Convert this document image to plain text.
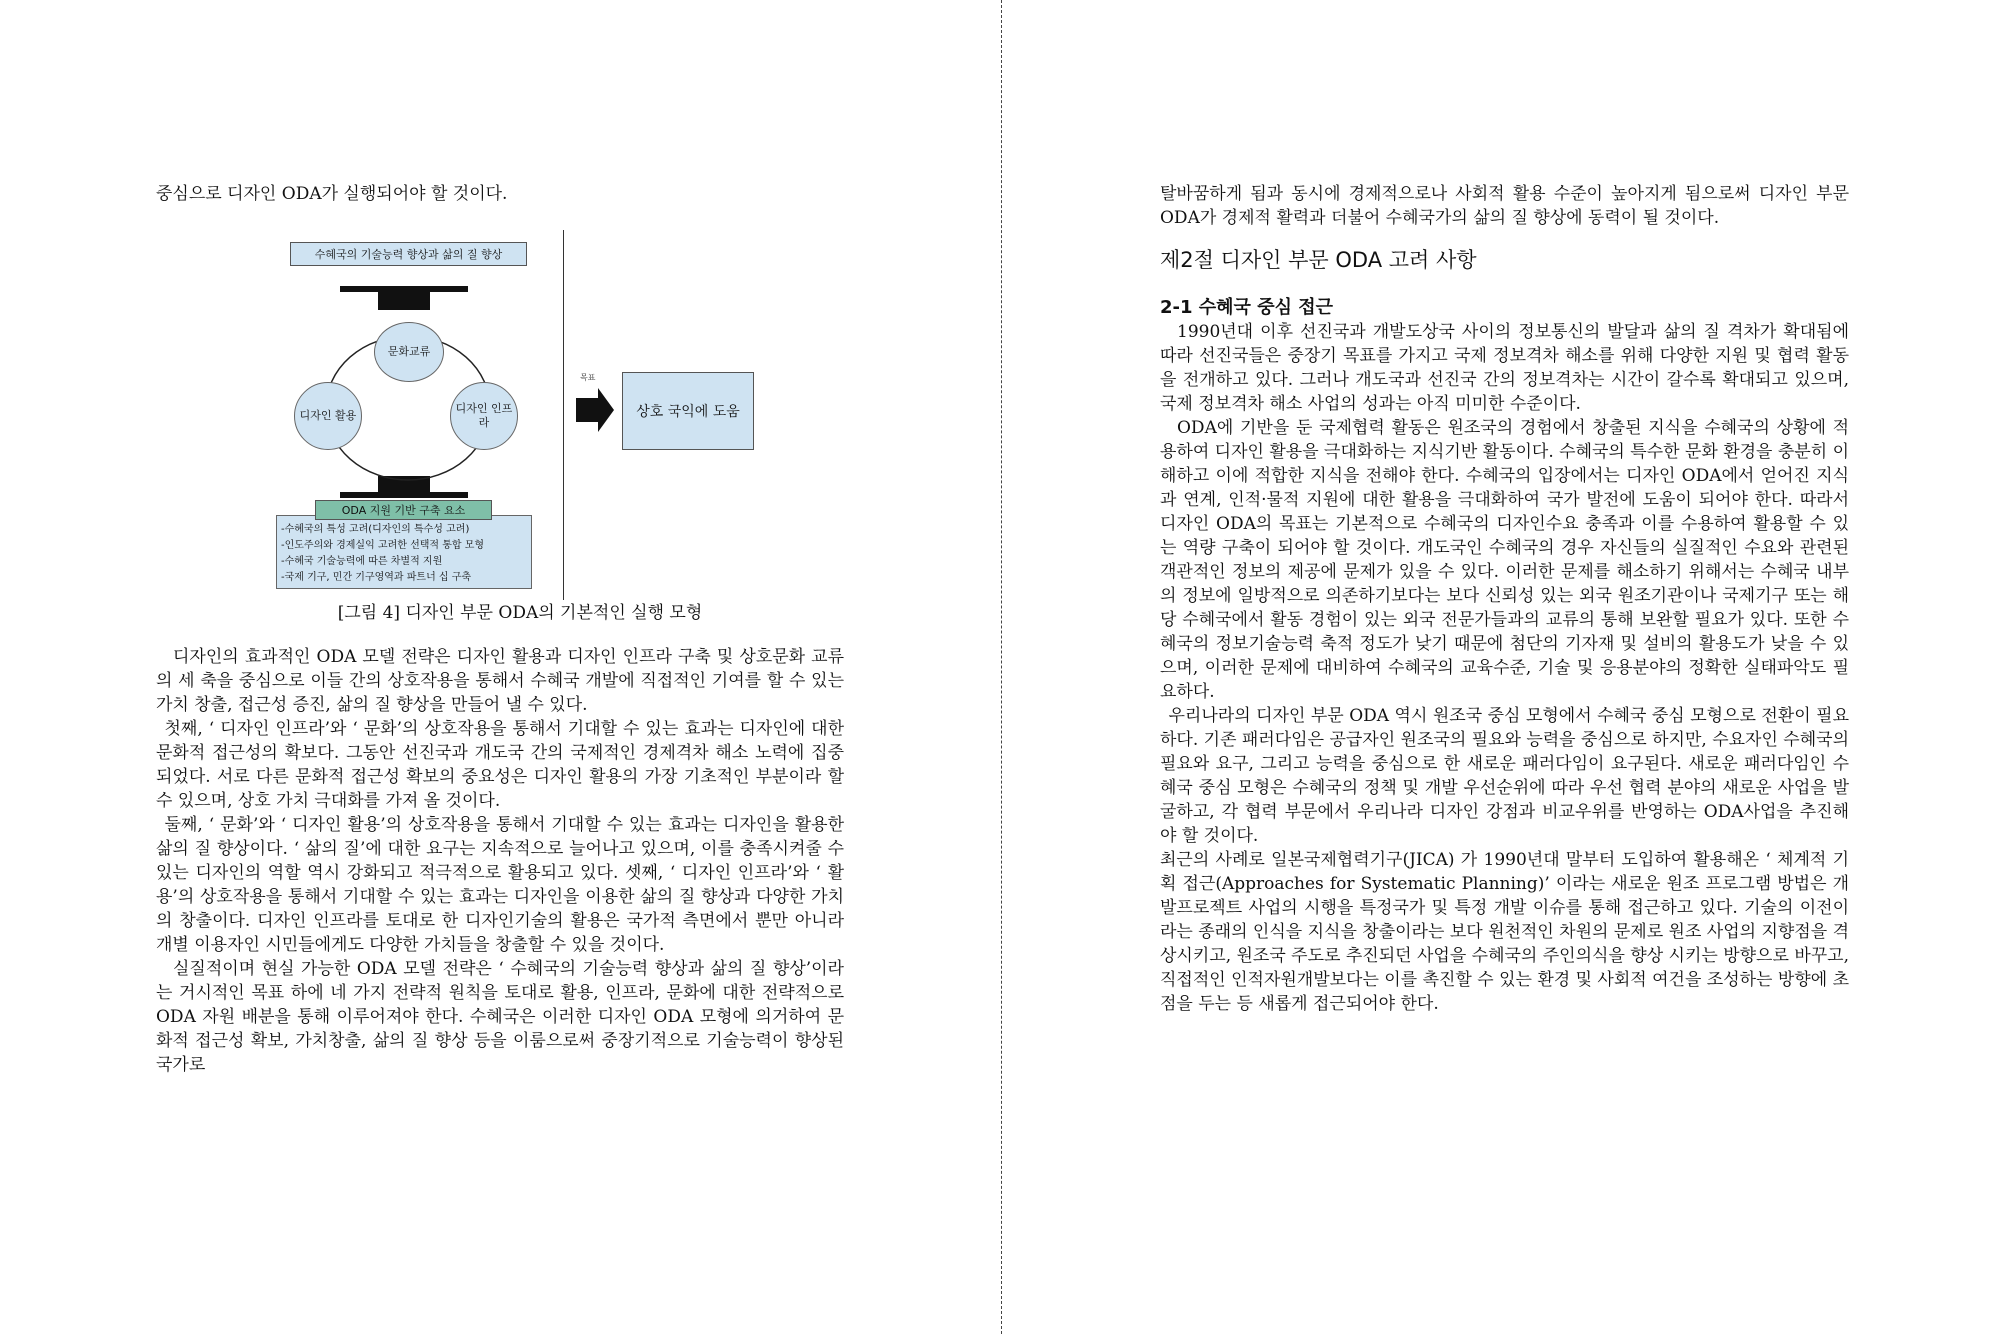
중심으로 디자인 ODA가 실행되어야 할 것이다.

수혜국의 기술능력 향상과 삶의 질 향상
문화교류
디자인 활용
디자인 인프라
목표
상호 국익에 도움
ODA 지원 기반 구축 요소
-수혜국의 특성 고려(디자인의 특수성 고려)
-인도주의와 경제실익 고려한 선택적 통합 모형
-수혜국 기술능력에 따른 차별적 지원
-국제 기구, 민간 기구영역과 파트너 십 구축
[그림 4] 디자인 부문 ODA의 기본적인 실행 모형

디자인의 효과적인 ODA 모델 전략은 디자인 활용과 디자인 인프라 구축 및 상호문화 교류의 세 축을 중심으로 이들 간의 상호작용을 통해서 수혜국 개발에 직접적인 기여를 할 수 있는 가치 창출, 접근성 증진, 삶의 질 향상을 만들어 낼 수 있다.

첫째, ‘ 디자인 인프라’와 ‘ 문화’의 상호작용을 통해서 기대할 수 있는 효과는 디자인에 대한 문화적 접근성의 확보다. 그동안 선진국과 개도국 간의 국제적인 경제격차 해소 노력에 집중되었다. 서로 다른 문화적 접근성 확보의 중요성은 디자인 활용의 가장 기초적인 부분이라 할 수 있으며, 상호 가치 극대화를 가져 올 것이다.

둘째, ‘ 문화’와 ‘ 디자인 활용’의 상호작용을 통해서 기대할 수 있는 효과는 디자인을 활용한 삶의 질 향상이다. ‘ 삶의 질’에 대한 요구는 지속적으로 늘어나고 있으며, 이를 충족시켜줄 수 있는 디자인의 역할 역시 강화되고 적극적으로 활용되고 있다. 셋째, ‘ 디자인 인프라’와 ‘ 활용’의 상호작용을 통해서 기대할 수 있는 효과는 디자인을 이용한 삶의 질 향상과 다양한 가치의 창출이다. 디자인 인프라를 토대로 한 디자인기술의 활용은 국가적 측면에서 뿐만 아니라 개별 이용자인 시민들에게도 다양한 가치들을 창출할 수 있을 것이다.

실질적이며 현실 가능한 ODA 모델 전략은 ‘ 수혜국의 기술능력 향상과 삶의 질 향상’이라는 거시적인 목표 하에 네 가지 전략적 원칙을 토대로 활용, 인프라, 문화에 대한 전략적으로 ODA 자원 배분을 통해 이루어져야 한다. 수혜국은 이러한 디자인 ODA 모형에 의거하여 문화적 접근성 확보, 가치창출, 삶의 질 향상 등을 이룸으로써 중장기적으로 기술능력이 향상된 국가로

탈바꿈하게 됨과 동시에 경제적으로나 사회적 활용 수준이 높아지게 됨으로써 디자인 부문 ODA가 경제적 활력과 더불어 수혜국가의 삶의 질 향상에 동력이 될 것이다.

제2절 디자인 부문 ODA 고려 사항
2-1 수혜국 중심 접근

1990년대 이후 선진국과 개발도상국 사이의 정보통신의 발달과 삶의 질 격차가 확대됨에 따라 선진국들은 중장기 목표를 가지고 국제 정보격차 해소를 위해 다양한 지원 및 협력 활동을 전개하고 있다. 그러나 개도국과 선진국 간의 정보격차는 시간이 갈수록 확대되고 있으며, 국제 정보격차 해소 사업의 성과는 아직 미미한 수준이다.

ODA에 기반을 둔 국제협력 활동은 원조국의 경험에서 창출된 지식을 수혜국의 상황에 적용하여 디자인 활용을 극대화하는 지식기반 활동이다. 수혜국의 특수한 문화 환경을 충분히 이해하고 이에 적합한 지식을 전해야 한다. 수혜국의 입장에서는 디자인 ODA에서 얻어진 지식과 연계, 인적·물적 지원에 대한 활용을 극대화하여 국가 발전에 도움이 되어야 한다. 따라서 디자인 ODA의 목표는 기본적으로 수혜국의 디자인수요 충족과 이를 수용하여 활용할 수 있는 역량 구축이 되어야 할 것이다. 개도국인 수혜국의 경우 자신들의 실질적인 수요와 관련된 객관적인 정보의 제공에 문제가 있을 수 있다. 이러한 문제를 해소하기 위해서는 수혜국 내부의 정보에 일방적으로 의존하기보다는 보다 신뢰성 있는 외국 원조기관이나 국제기구 또는 해당 수혜국에서 활동 경험이 있는 외국 전문가들과의 교류의 통해 보완할 필요가 있다. 또한 수혜국의 정보기술능력 축적 정도가 낮기 때문에 첨단의 기자재 및 설비의 활용도가 낮을 수 있으며, 이러한 문제에 대비하여 수혜국의 교육수준, 기술 및 응용분야의 정확한 실태파악도 필요하다.

우리나라의 디자인 부문 ODA 역시 원조국 중심 모형에서 수혜국 중심 모형으로 전환이 필요하다. 기존 패러다임은 공급자인 원조국의 필요와 능력을 중심으로 하지만, 수요자인 수혜국의 필요와 요구, 그리고 능력을 중심으로 한 새로운 패러다임이 요구된다. 새로운 패러다임인 수혜국 중심 모형은 수혜국의 정책 및 개발 우선순위에 따라 우선 협력 분야의 새로운 사업을 발굴하고, 각 협력 부문에서 우리나라 디자인 강점과 비교우위를 반영하는 ODA사업을 추진해야 할 것이다.

최근의 사례로 일본국제협력기구(JICA) 가 1990년대 말부터 도입하여 활용해온 ‘ 체계적 기획 접근(Approaches for Systematic Planning)’ 이라는 새로운 원조 프로그램 방법은 개발프로젝트 사업의 시행을 특정국가 및 특정 개발 이슈를 통해 접근하고 있다. 기술의 이전이라는 종래의 인식을 지식을 창출이라는 보다 원천적인 차원의 문제로 원조 사업의 지향점을 격상시키고, 원조국 주도로 추진되던 사업을 수혜국의 주인의식을 향상 시키는 방향으로 바꾸고, 직접적인 인적자원개발보다는 이를 촉진할 수 있는 환경 및 사회적 여건을 조성하는 방향에 초점을 두는 등 새롭게 접근되어야 한다.
